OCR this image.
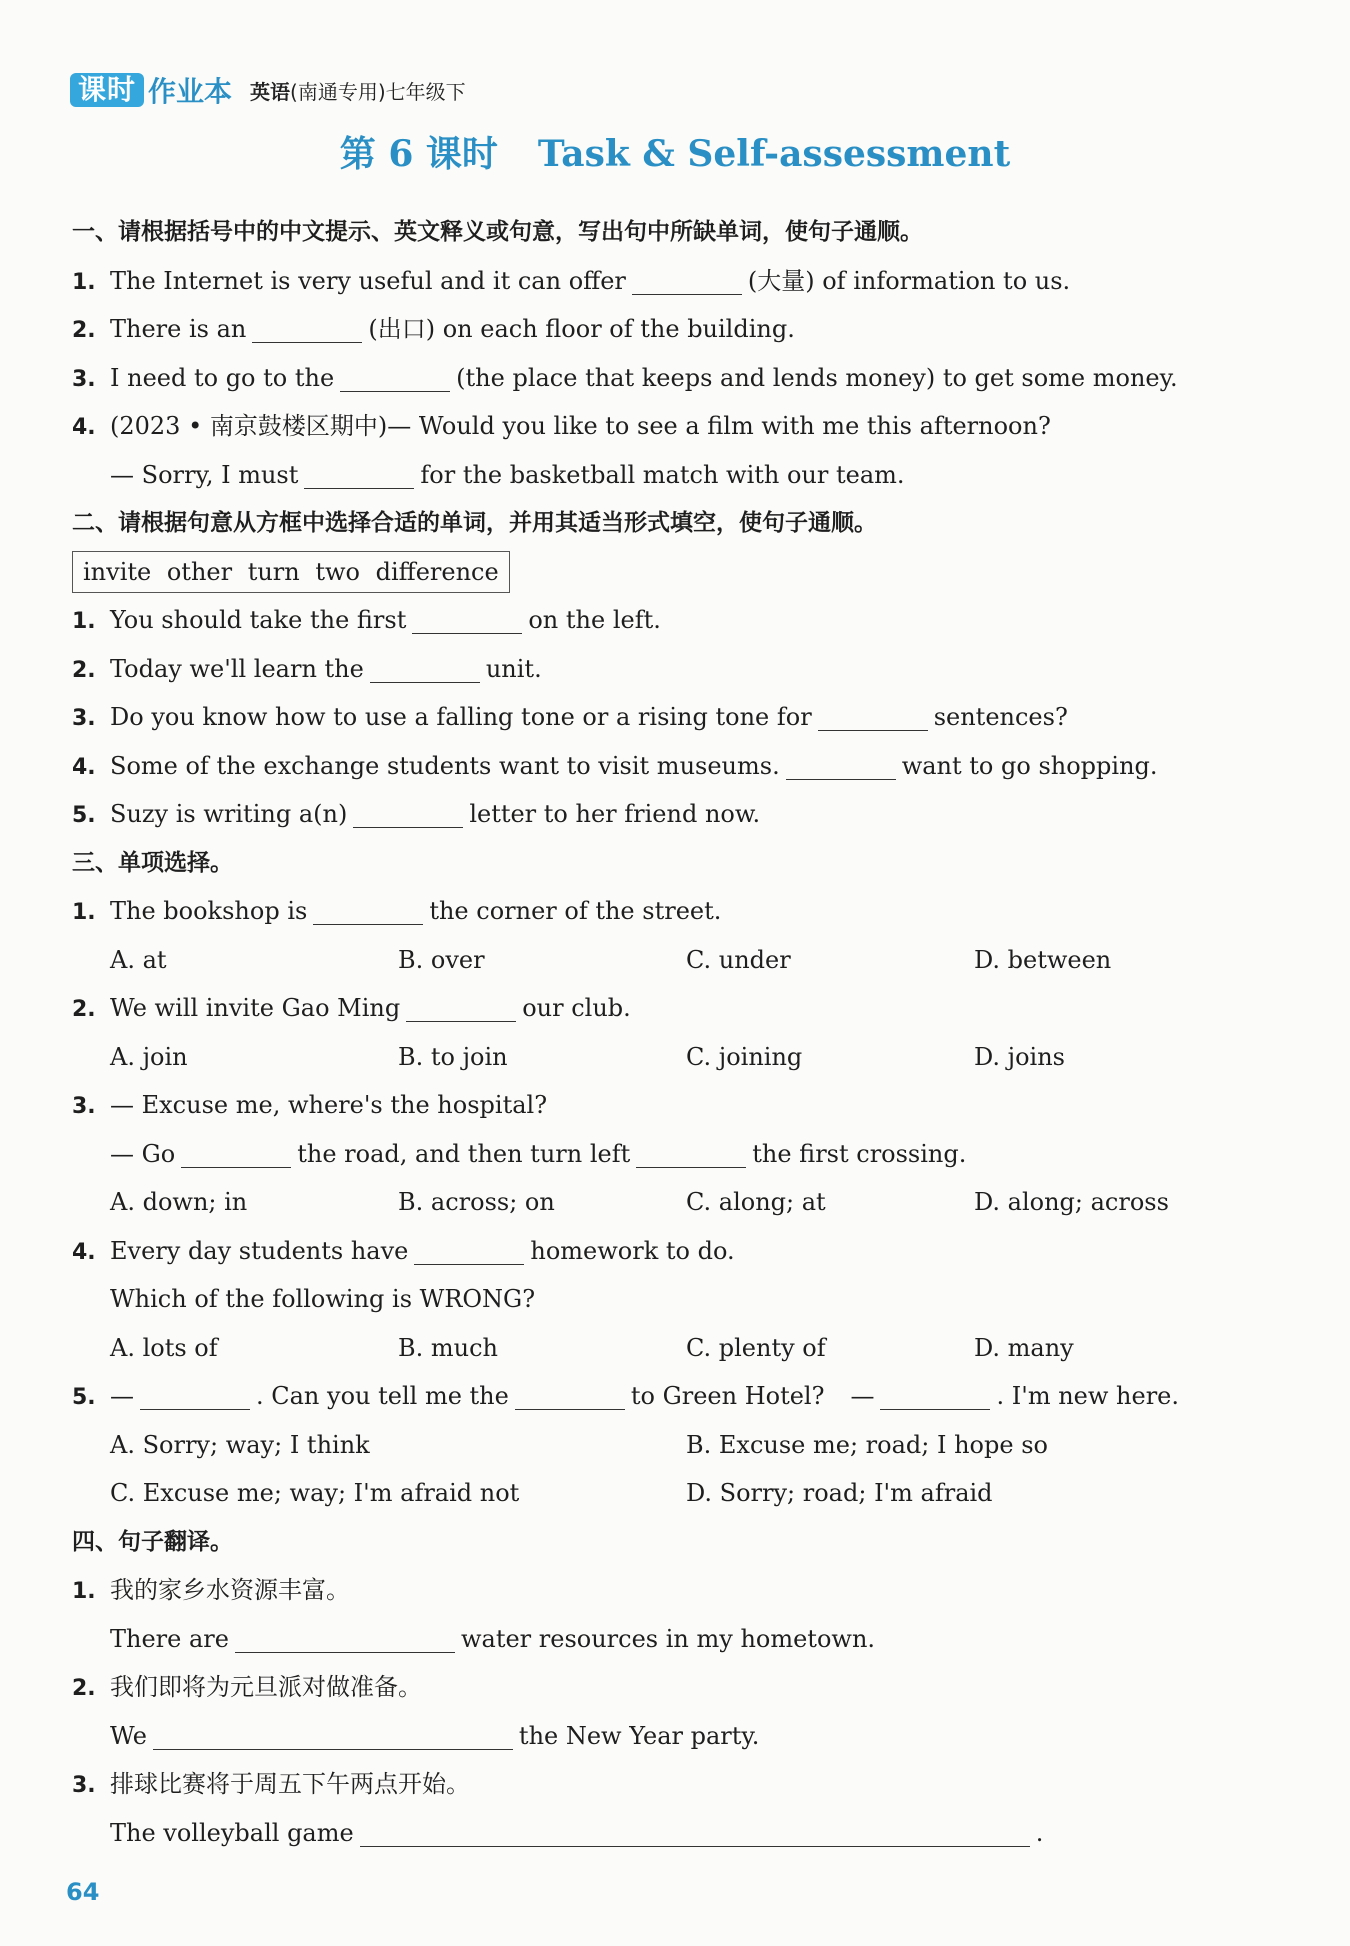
课时 作业本 英语(南通专用)七年级下
第 6 课时 Task & Self-assessment
一、请根据括号中的中文提示、英文释义或句意，写出句中所缺单词，使句子通顺。
1. The Internet is very useful and it can offer	(大量) of information to us.
2. There is an	(出口) on each floor of the building.
3. I need to go to the	(the place that keeps and lends money) to get some money.
4. (2023 • 南京鼓楼区期中)— Would you like to see a film with me this afternoon?
— Sorry, I must	for the basketball match with our team.
二、请根据句意从方框中选择合适的单词，并用其适当形式填空，使句子通顺。
invite other turn two difference
1. You should take the first	on the left.
2. Today we'll learn the	unit.
3. Do you know how to use a falling tone or a rising tone for	sentences?
4. Some of the exchange students want to visit museums.	want to go shopping.
5. Suzy is writing a(n)	letter to her friend now.
三、单项选择。
1. The bookshop is	the corner of the street.
A. at	B. over	C. under	D. between
2. We will invite Gao Ming	our club.
A. join	B. to join	C. joining	D. joins
3. — Excuse me, where's the hospital?
— Go	the road, and then turn left	the first crossing.
A. down; in	B. across; on	C. along; at	D. along; across
4. Every day students have	homework to do.
Which of the following is WRONG?
A. lots of	B. much	C. plenty of	D. many
5. —	. Can you tell me the	to Green Hotel? —	. I'm new here.
A. Sorry; way; I think	B. Excuse me; road; I hope so
C. Excuse me; way; I'm afraid not	D. Sorry; road; I'm afraid
四、句子翻译。
1. 我的家乡水资源丰富。
There are	water resources in my hometown.
2. 我们即将为元旦派对做准备。
We	the New Year party.
3. 排球比赛将于周五下午两点开始。
The volleyball game	.
64
